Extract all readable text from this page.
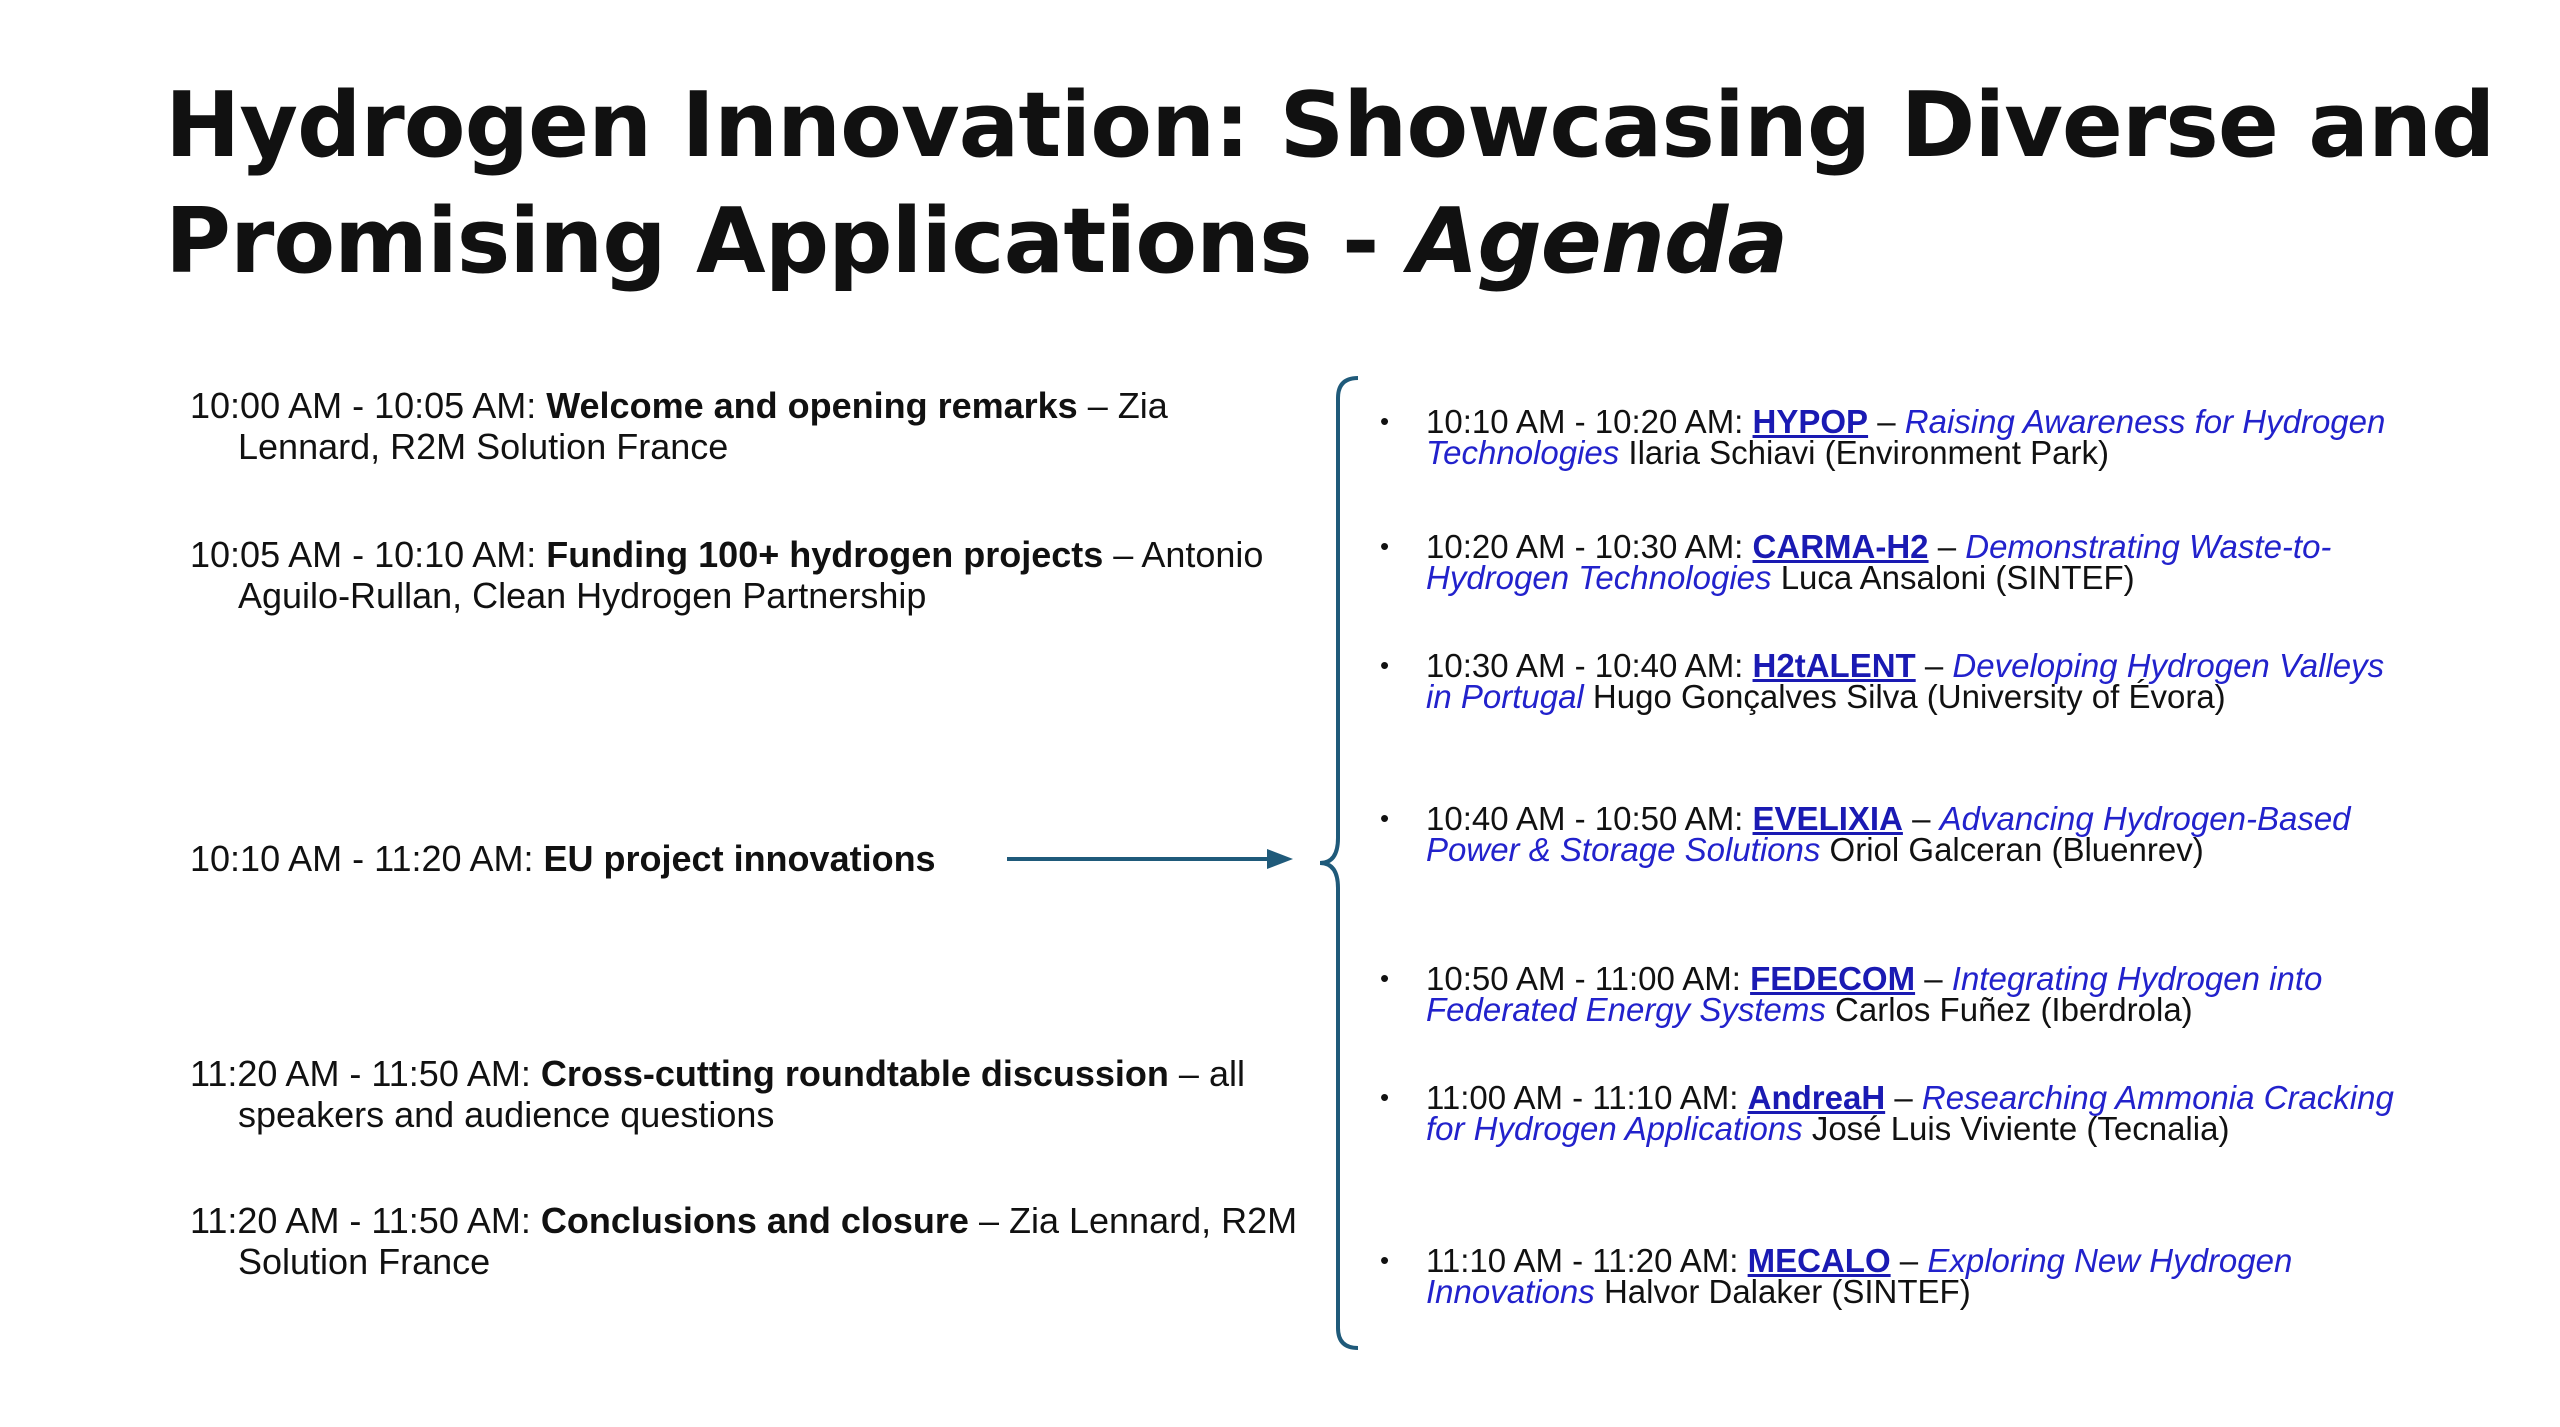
Hydrogen Innovation: Showcasing Diverse and
Promising Applications - Agenda
10:00 AM - 10:05 AM: Welcome and opening remarks – Zia Lennard, R2M Solution France
10:05 AM - 10:10 AM: Funding 100+ hydrogen projects – Antonio Aguilo-Rullan, Clean Hydrogen Partnership
10:10 AM - 11:20 AM: EU project innovations
11:20 AM - 11:50 AM: Cross-cutting roundtable discussion – all speakers and audience questions
11:20 AM - 11:50 AM: Conclusions and closure – Zia Lennard, R2M Solution France
• 10:10 AM - 10:20 AM: HYPOP – Raising Awareness for Hydrogen Technologies Ilaria Schiavi (Environment Park)
• 10:20 AM - 10:30 AM: CARMA-H2 – Demonstrating Waste-to-Hydrogen Technologies Luca Ansaloni (SINTEF)
• 10:30 AM - 10:40 AM: H2tALENT – Developing Hydrogen Valleys in Portugal Hugo Gonçalves Silva (University of Évora)
• 10:40 AM - 10:50 AM: EVELIXIA – Advancing Hydrogen-Based Power & Storage Solutions Oriol Galceran (Bluenrev)
• 10:50 AM - 11:00 AM: FEDECOM – Integrating Hydrogen into Federated Energy Systems Carlos Fuñez (Iberdrola)
• 11:00 AM - 11:10 AM: AndreaH – Researching Ammonia Cracking for Hydrogen Applications José Luis Viviente (Tecnalia)
• 11:10 AM - 11:20 AM: MECALO – Exploring New Hydrogen Innovations Halvor Dalaker (SINTEF)
